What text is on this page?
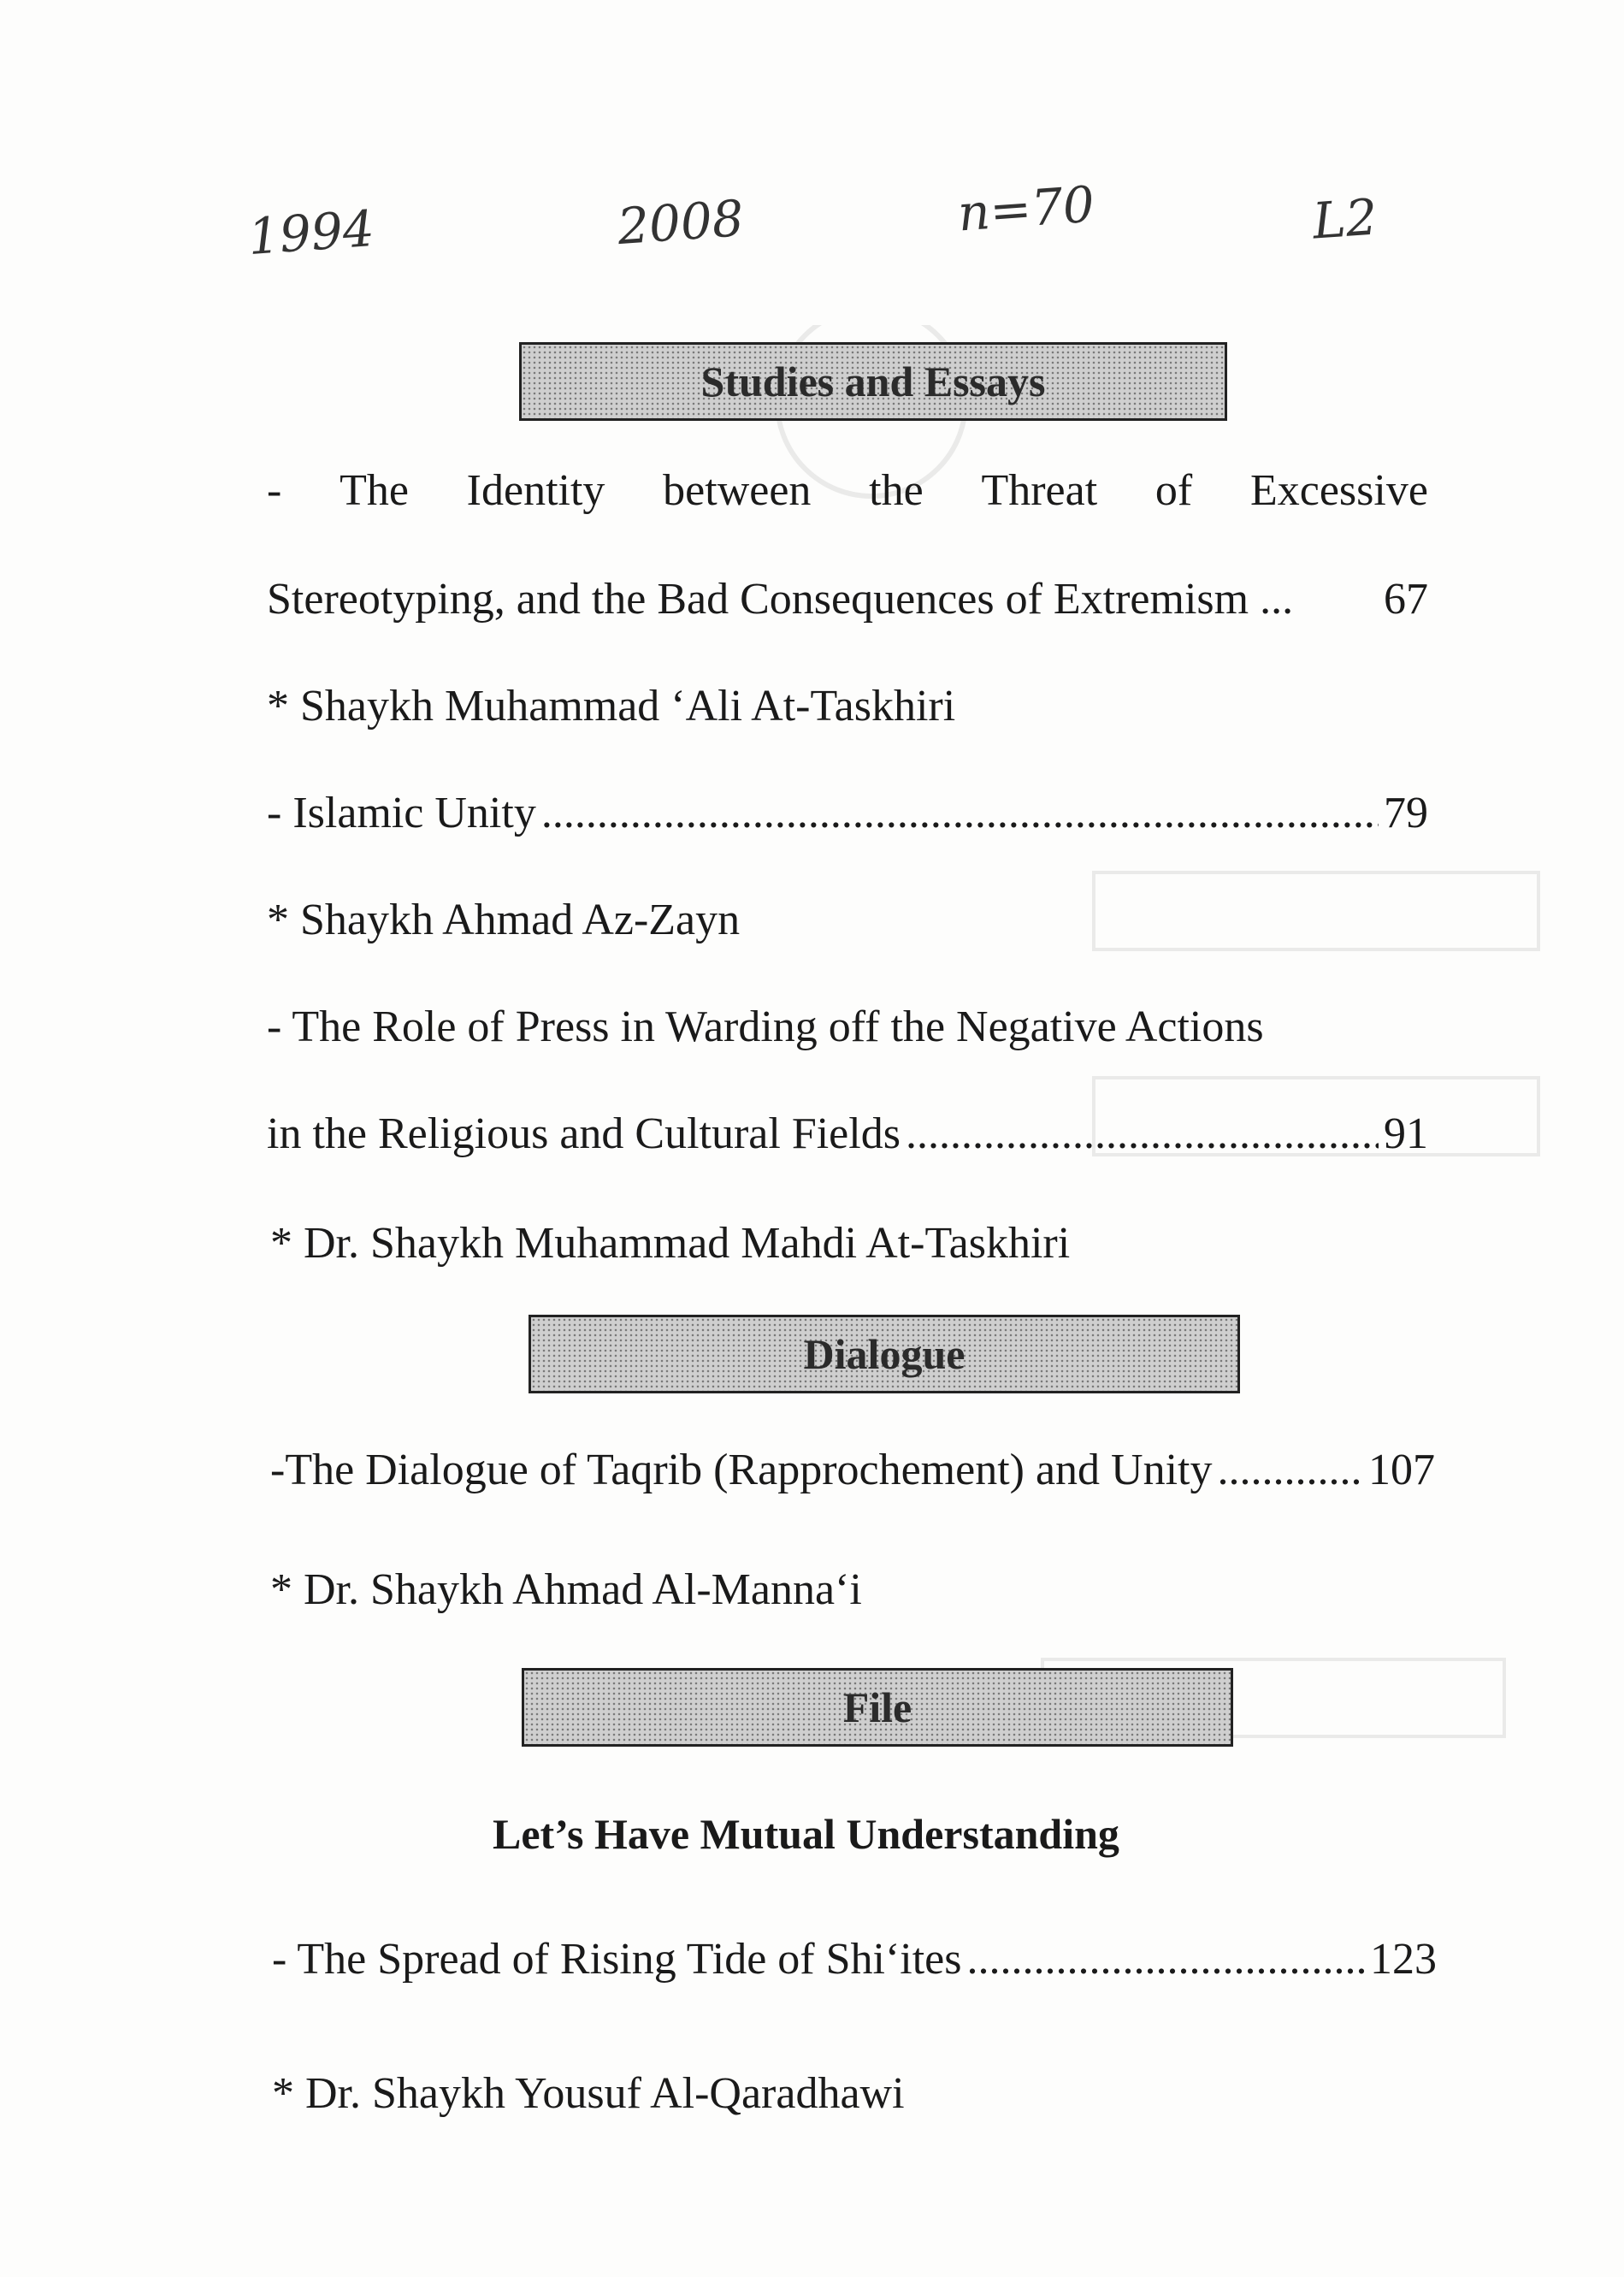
1994	2008	n=70	L2
Studies and Essays
- The Identity between the Threat of Excessive
Stereotyping, and the Bad Consequences of Extremism ... 67
* Shaykh Muhammad ‘Ali At-Taskhiri
- Islamic Unity .....	79
* Shaykh Ahmad Az-Zayn
- The Role of Press in Warding off the Negative Actions
in the Religious and Cultural Fields .....	91
* Dr. Shaykh Muhammad Mahdi At-Taskhiri
Dialogue
-The Dialogue of Taqrib (Rapprochement) and Unity .....	107
* Dr. Shaykh Ahmad Al-Manna‘i
File
Let’s Have Mutual Understanding
- The Spread of Rising Tide of Shi‘ites .....	123
* Dr. Shaykh Yousuf Al-Qaradhawi
